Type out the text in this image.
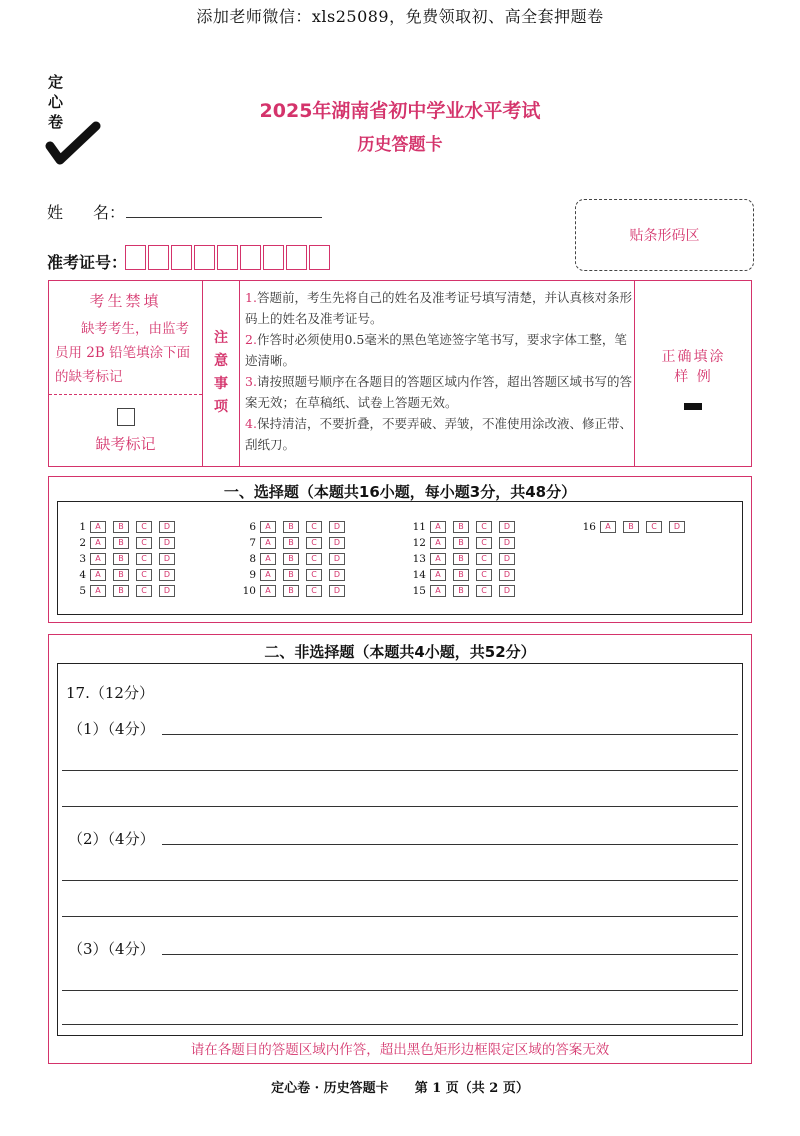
添加老师微信：xls25089，免费领取初、高全套押题卷
定
心
卷	2025年湖南省初中学业水平考试
历史答题卡
姓 名：
准考证号：
贴条形码区
考生禁填
缺考考生，由监考员用 2B 铅笔填涂下面的缺考标记
缺考标记
注
意
事
项
1.答题前，考生先将自己的姓名及准考证号填写清楚，并认真核对条形码上的姓名及准考证号。
2.作答时必须使用0.5毫米的黑色笔迹签字笔书写，要求字体工整，笔迹清晰。
3.请按照题号顺序在各题目的答题区域内作答，超出答题区域书写的答案无效；在草稿纸、试卷上答题无效。
4.保持清洁，不要折叠，不要弄破、弄皱，不准使用涂改液、修正带、刮纸刀。
正确填涂
样 例
一、选择题（本题共16小题，每小题3分，共48分）
1	A	B	C	D
2	A	B	C	D
3	A	B	C	D
4	A	B	C	D
5	A	B	C	D
6	A	B	C	D
7	A	B	C	D
8	A	B	C	D
9	A	B	C	D
10	A	B	C	D
11	A	B	C	D
12	A	B	C	D
13	A	B	C	D
14	A	B	C	D
15	A	B	C	D
16	A	B	C	D
二、非选择题（本题共4小题，共52分）
17.（12分）
（1）（4分）
（2）（4分）
（3）（4分）
请在各题目的答题区域内作答，超出黑色矩形边框限定区域的答案无效
定心卷 · 历史答题卡 第 1 页（共 2 页）
